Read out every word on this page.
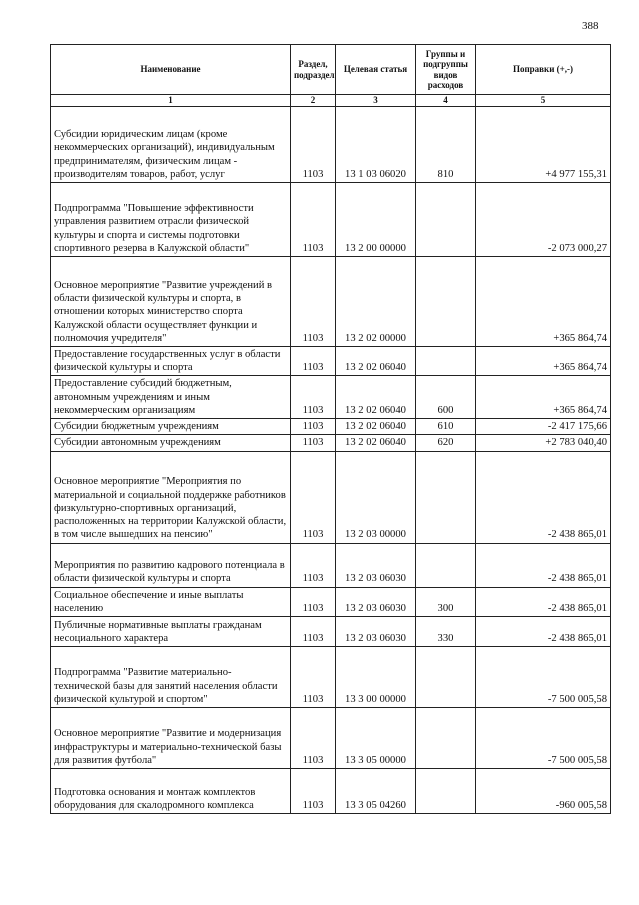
388
Наименование	Раздел, подраздел	Целевая статья	Группы и подгруппы видов расходов	Поправки (+,-)
1	2	3	4	5
Субсидии юридическим лицам (кроме некоммерческих организаций), индивидуальным предпринимателям, физическим лицам - производителям товаров, работ, услуг	1103	13 1 03 06020	810	+4 977 155,31
Подпрограмма "Повышение эффективности управления развитием отрасли физической культуры и спорта и системы подготовки спортивного резерва в Калужской области"	1103	13 2 00 00000		-2 073 000,27
Основное мероприятие "Развитие учреждений в области физической культуры и спорта, в отношении которых министерство спорта Калужской области осуществляет функции и полномочия учредителя"	1103	13 2 02 00000		+365 864,74
Предоставление государственных услуг в области физической культуры и спорта	1103	13 2 02 06040		+365 864,74
Предоставление субсидий бюджетным, автономным учреждениям и иным некоммерческим организациям	1103	13 2 02 06040	600	+365 864,74
Субсидии бюджетным учреждениям	1103	13 2 02 06040	610	-2 417 175,66
Субсидии автономным учреждениям	1103	13 2 02 06040	620	+2 783 040,40
Основное мероприятие "Мероприятия по материальной и социальной поддержке работников физкультурно-спортивных организаций, расположенных на территории Калужской области, в том числе вышедших на пенсию"	1103	13 2 03 00000		-2 438 865,01
Мероприятия по развитию кадрового потенциала в области физической культуры и спорта	1103	13 2 03 06030		-2 438 865,01
Социальное обеспечение и иные выплаты населению	1103	13 2 03 06030	300	-2 438 865,01
Публичные нормативные выплаты гражданам несоциального характера	1103	13 2 03 06030	330	-2 438 865,01
Подпрограмма "Развитие материально-технической базы для занятий населения области физической культурой и спортом"	1103	13 3 00 00000		-7 500 005,58
Основное мероприятие "Развитие и модернизация инфраструктуры и материально-технической базы для развития футбола"	1103	13 3 05 00000		-7 500 005,58
Подготовка основания и монтаж комплектов оборудования для скалодромного комплекса	1103	13 3 05 04260		-960 005,58
